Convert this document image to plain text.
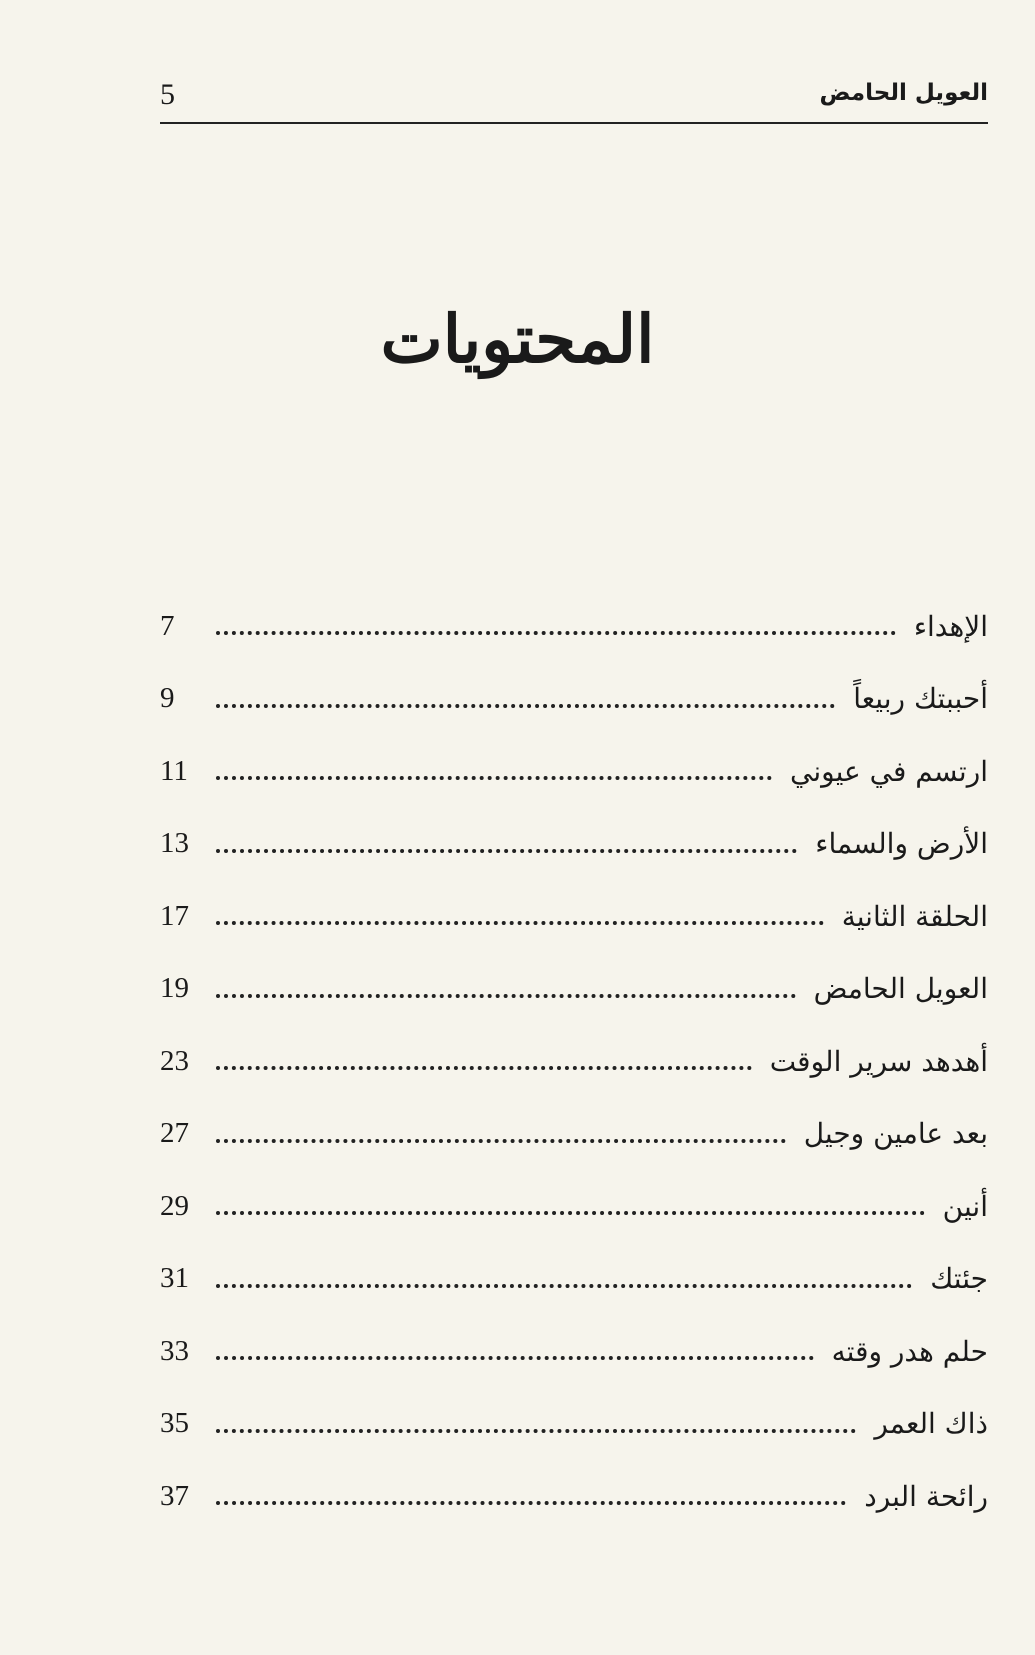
5	العويل الحامض
المحتويات
الإهداء
7
أحببتك ربيعاً
9
ارتسم في عيوني
11
الأرض والسماء
13
الحلقة الثانية
17
العويل الحامض
19
أهدهد سرير الوقت
23
بعد عامين وجيل
27
أنين
29
جئتك
31
حلم هدر وقته
33
ذاك العمر
35
رائحة البرد
37
